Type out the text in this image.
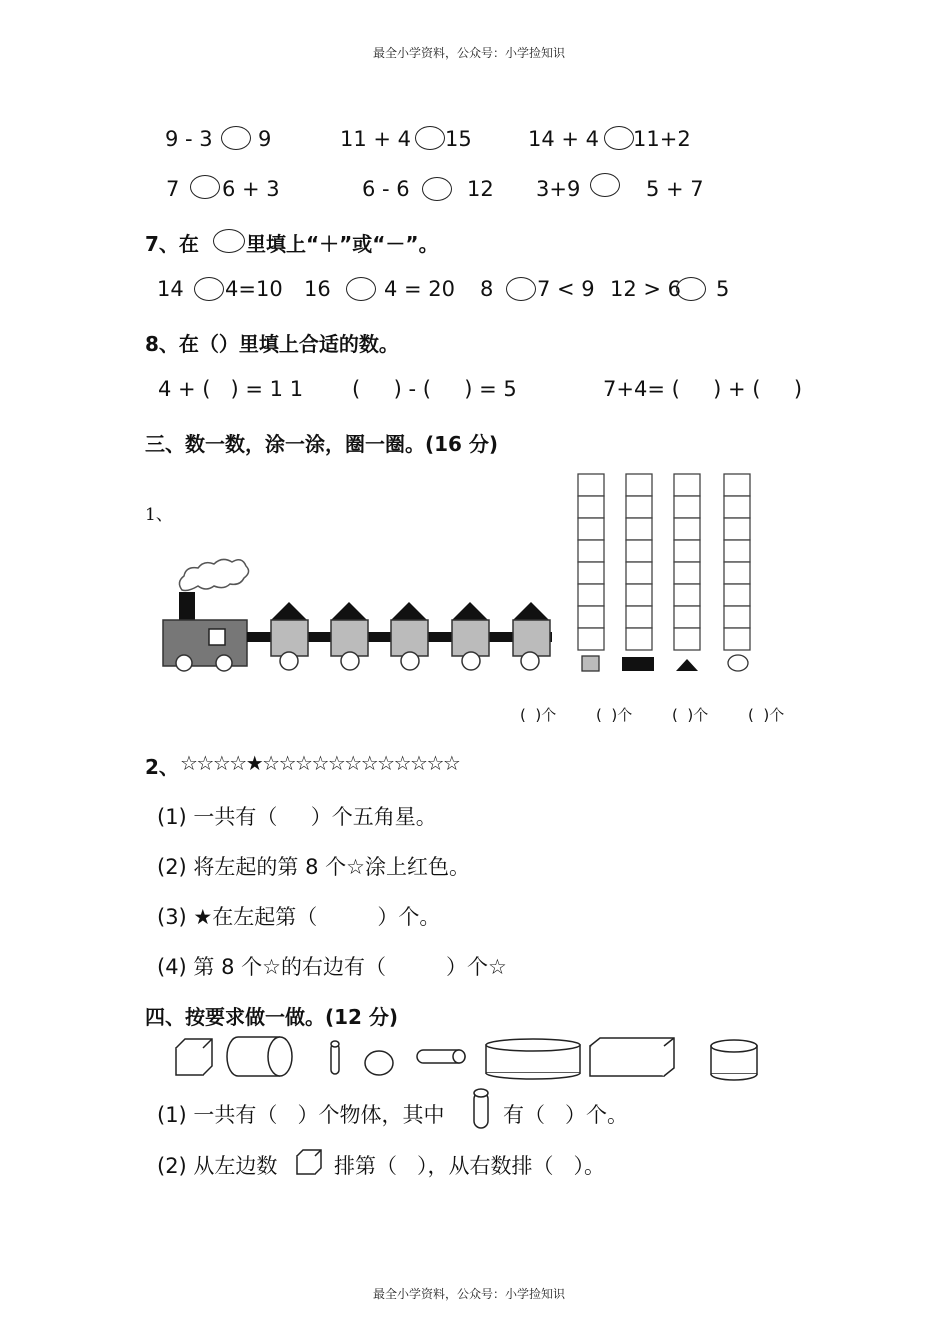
最全小学资料，公众号：小学捡知识
最全小学资料，公众号：小学捡知识
9 - 3 9	11 + 4 15	14 + 4 11+2
7 6 + 3	6 - 6	12 3+9	5 + 7
7、在 里填上“＋”或“－”。
14 4=10 16	4 = 20 8 7 < 9 12 > 6 5
8、在（）里填上合适的数。
4 + (   ) = 1 1 (     ) - (     ) = 5	7+4= (     ) + (     )
三、数一数，涂一涂，圈一圈。(16 分)
1、
(  )个	(  )个	(  )个	(  )个
2、 ☆☆☆☆★☆☆☆☆☆☆☆☆☆☆☆☆
(1) 一共有（     ）个五角星。
(2) 将左起的第 8 个☆涂上红色。
(3) ★在左起第（         ）个。
(4) 第 8 个☆的右边有（         ）个☆
四、按要求做一做。(12 分)
(1) 一共有（   ）个物体，其中	有（   ）个。
(2) 从左边数	排第（   ），从右数排（   ）。
